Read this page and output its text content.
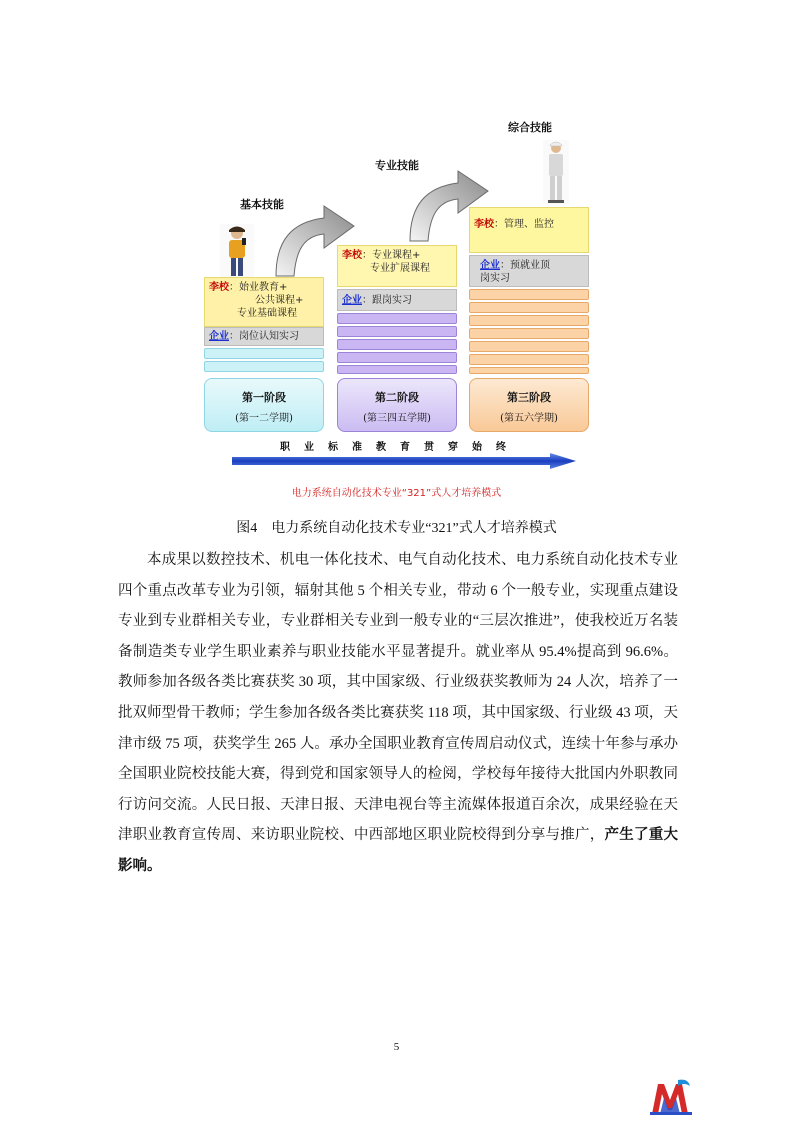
基本技能
专业技能
综合技能
李校：始业教育+
公共课程+
专业基础课程
企业：岗位认知实习
李校：专业课程+
专业扩展课程
企业：跟岗实习
李校：管理、监控
企业：预就业顶
岗实习
第一阶段
(第一二学期)
第二阶段
(第三四五学期)
第三阶段
(第五六学期)
职业标准教育贯穿始终
电力系统自动化技术专业“321”式人才培养模式
图4　电力系统自动化技术专业“321”式人才培养模式
本成果以数控技术、机电一体化技术、电气自动化技术、电力系统自动化技术专业四个重点改革专业为引领，辐射其他 5 个相关专业，带动 6 个一般专业，实现重点建设专业到专业群相关专业，专业群相关专业到一般专业的“三层次推进”，使我校近万名装备制造类专业学生职业素养与职业技能水平显著提升。就业率从 95.4%提高到 96.6%。教师参加各级各类比赛获奖 30 项，其中国家级、行业级获奖教师为 24 人次，培养了一批双师型骨干教师；学生参加各级各类比赛获奖 118 项，其中国家级、行业级 43 项，天津市级 75 项，获奖学生 265 人。承办全国职业教育宣传周启动仪式，连续十年参与承办全国职业院校技能大赛，得到党和国家领导人的检阅，学校每年接待大批国内外职教同行访问交流。人民日报、天津日报、天津电视台等主流媒体报道百余次，成果经验在天津职业教育宣传周、来访职业院校、中西部地区职业院校得到分享与推广，产生了重大影响。
5
